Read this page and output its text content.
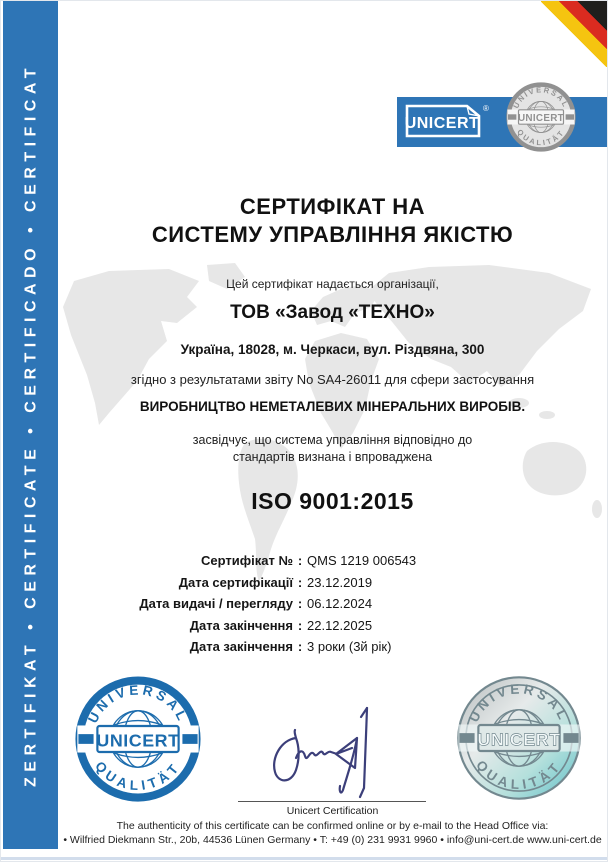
ZERTIFIKAT • CERTIFICATE • CERTIFICADO • CERTIFICAT	UNICERT
®
UNICERT
UNIVERSAL
QUALITÄT
СЕРТИФІКАТ НА
СИСТЕМУ УПРАВЛІННЯ ЯКІСТЮ
Цей сертифікат надається організації,
ТОВ «Завод «ТЕХНО»
Україна, 18028, м. Черкаси, вул. Різдвяна, 300
згідно з результатами звіту No SA4-26011 для сфери застосування
ВИРОБНИЦТВО НЕМЕТАЛЕВИХ МІНЕРАЛЬНИХ ВИРОБІВ.
засвідчує, що система управління відповідно до
стандартів визнана і впроваджена
ISO 9001:2015
Сертифікат № : QMS 1219 006543
Дата сертифікації : 23.12.2019
Дата видачі / перегляду : 06.12.2024
Дата закінчення : 22.12.2025
Дата закінчення : 3 роки (3й рік)
UNICERT
UNIVERSAL
QUALITÄT
UNICERT
UNIVERSAL
QUALITÄT
Unicert Certification
The authenticity of this certificate can be confirmed online or by e-mail to the Head Office via:
• Wilfried Diekmann Str., 20b, 44536 Lünen Germany • T: +49 (0) 231 9931 9960 • info@uni-cert.de www.uni-cert.de
